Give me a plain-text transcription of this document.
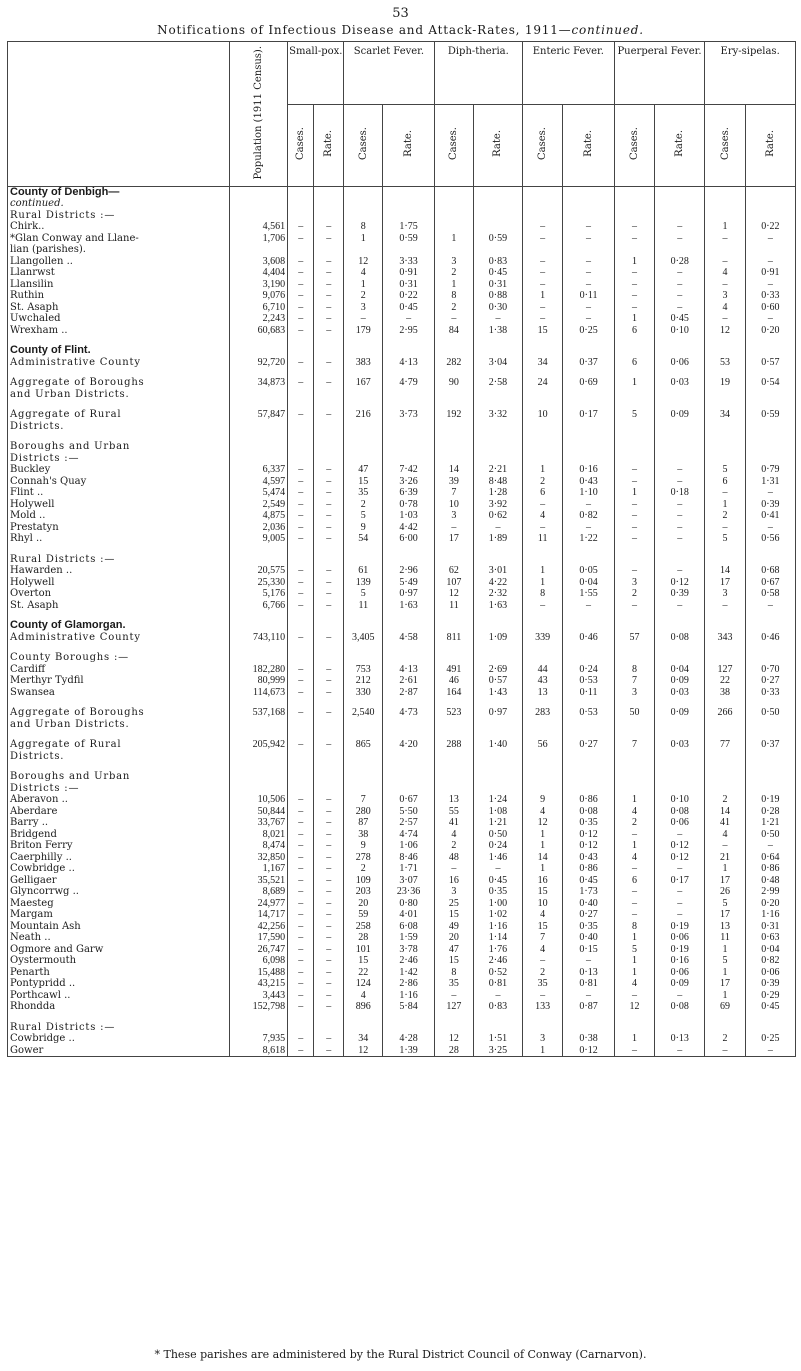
53
Notifications of Infectious Disease and Attack-Rates, 1911—continued.
	Population (1911 Census).	Small-pox.		Scarlet Fever.		Diph-theria.		Enteric Fever.		Puerperal Fever.		Ery-sipelas.	
		Cases.	Rate.	Cases.	Rate.	Cases.	Rate.	Cases.	Rate.	Cases.	Rate.	Cases.	Rate.
County of Denbigh—													
continued.													
Rural Districts :—													
Chirk..	4,561	–	–	8	1·75			–	–	–	–	1	0·22
*Glan Conway and Llane-	1,706	–	–	1	0·59	1	0·59	–	–	–	–	–	–
lian (parishes).													
Llangollen ..	3,608	–	–	12	3·33	3	0·83	–	–	1	0·28	–	–
Llanrwst	4,404	–	–	4	0·91	2	0·45	–	–	–	–	4	0·91
Llansilin	3,190	–	–	1	0·31	1	0·31	–	–	–	–	–	–
Ruthin	9,076	–	–	2	0·22	8	0·88	1	0·11	–	–	3	0·33
St. Asaph	6,710	–	–	3	0·45	2	0·30	–	–	–	–	4	0·60
Uwchaled	2,243	–	–	–	–	–	–	–	–	1	0·45	–	–
Wrexham ..	60,683	–	–	179	2·95	84	1·38	15	0·25	6	0·10	12	0·20

County of Flint.													
Administrative County	92,720	–	–	383	4·13	282	3·04	34	0·37	6	0·06	53	0·57

Aggregate of Boroughs	34,873	–	–	167	4·79	90	2·58	24	0·69	1	0·03	19	0·54
and Urban Districts.													

Aggregate of Rural	57,847	–	–	216	3·73	192	3·32	10	0·17	5	0·09	34	0·59
Districts.													

Boroughs and Urban													
Districts :—													
Buckley	6,337	–	–	47	7·42	14	2·21	1	0·16	–	–	5	0·79
Connah's Quay	4,597	–	–	15	3·26	39	8·48	2	0·43	–	–	6	1·31
Flint ..	5,474	–	–	35	6·39	7	1·28	6	1·10	1	0·18	–	–
Holywell	2,549	–	–	2	0·78	10	3·92	–	–	–	–	1	0·39
Mold ..	4,875	–	–	5	1·03	3	0·62	4	0·82	–	–	2	0·41
Prestatyn	2,036	–	–	9	4·42	–	–	–	–	–	–	–	–
Rhyl ..	9,005	–	–	54	6·00	17	1·89	11	1·22	–	–	5	0·56

Rural Districts :—													
Hawarden ..	20,575	–	–	61	2·96	62	3·01	1	0·05	–	–	14	0·68
Holywell	25,330	–	–	139	5·49	107	4·22	1	0·04	3	0·12	17	0·67
Overton	5,176	–	–	5	0·97	12	2·32	8	1·55	2	0·39	3	0·58
St. Asaph	6,766	–	–	11	1·63	11	1·63	–	–	–	–	–	–

County of Glamorgan.													
Administrative County	743,110	–	–	3,405	4·58	811	1·09	339	0·46	57	0·08	343	0·46

County Boroughs :—													
Cardiff	182,280	–	–	753	4·13	491	2·69	44	0·24	8	0·04	127	0·70
Merthyr Tydfil	80,999	–	–	212	2·61	46	0·57	43	0·53	7	0·09	22	0·27
Swansea	114,673	–	–	330	2·87	164	1·43	13	0·11	3	0·03	38	0·33

Aggregate of Boroughs	537,168	–	–	2,540	4·73	523	0·97	283	0·53	50	0·09	266	0·50
and Urban Districts.													

Aggregate of Rural	205,942	–	–	865	4·20	288	1·40	56	0·27	7	0·03	77	0·37
Districts.													

Boroughs and Urban													
Districts :—													
Aberavon ..	10,506	–	–	7	0·67	13	1·24	9	0·86	1	0·10	2	0·19
Aberdare	50,844	–	–	280	5·50	55	1·08	4	0·08	4	0·08	14	0·28
Barry ..	33,767	–	–	87	2·57	41	1·21	12	0·35	2	0·06	41	1·21
Bridgend	8,021	–	–	38	4·74	4	0·50	1	0·12	–	–	4	0·50
Briton Ferry	8,474	–	–	9	1·06	2	0·24	1	0·12	1	0·12	–	–
Caerphilly ..	32,850	–	–	278	8·46	48	1·46	14	0·43	4	0·12	21	0·64
Cowbridge ..	1,167	–	–	2	1·71	–	–	1	0·86	–	–	1	0·86
Gelligaer	35,521	–	–	109	3·07	16	0·45	16	0·45	6	0·17	17	0·48
Glyncorrwg ..	8,689	–	–	203	23·36	3	0·35	15	1·73	–	–	26	2·99
Maesteg	24,977	–	–	20	0·80	25	1·00	10	0·40	–	–	5	0·20
Margam	14,717	–	–	59	4·01	15	1·02	4	0·27	–	–	17	1·16
Mountain Ash	42,256	–	–	258	6·08	49	1·16	15	0·35	8	0·19	13	0·31
Neath ..	17,590	–	–	28	1·59	20	1·14	7	0·40	1	0·06	11	0·63
Ogmore and Garw	26,747	–	–	101	3·78	47	1·76	4	0·15	5	0·19	1	0·04
Oystermouth	6,098	–	–	15	2·46	15	2·46	–	–	1	0·16	5	0·82
Penarth	15,488	–	–	22	1·42	8	0·52	2	0·13	1	0·06	1	0·06
Pontypridd ..	43,215	–	–	124	2·86	35	0·81	35	0·81	4	0·09	17	0·39
Porthcawl ..	3,443	–	–	4	1·16	–	–	–	–	–	–	1	0·29
Rhondda	152,798	–	–	896	5·84	127	0·83	133	0·87	12	0·08	69	0·45

Rural Districts :—													
Cowbridge ..	7,935	–	–	34	4·28	12	1·51	3	0·38	1	0·13	2	0·25
Gower	8,618	–	–	12	1·39	28	3·25	1	0·12	–	–	–	–
* These parishes are administered by the Rural District Council of Conway (Carnarvon).
